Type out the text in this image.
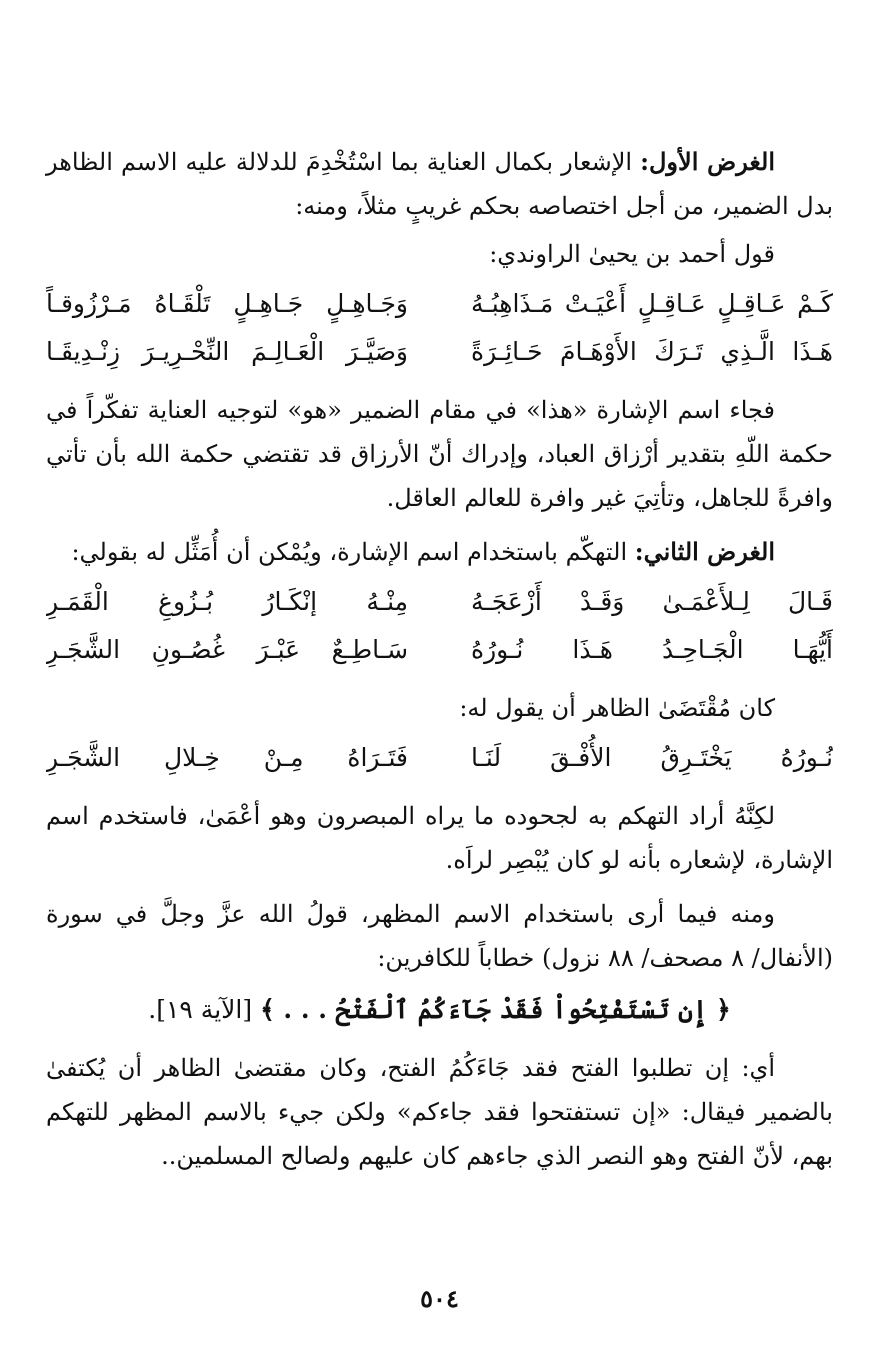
الغرض الأول: الإشعار بكمال العناية بما اسْتُخْدِمَ للدلالة عليه الاسم الظاهر بدل الضمير، من أجل اختصاصه بحكم غريبٍ مثلاً، ومنه:

قول أحمد بن يحيىٰ الراوندي:

كَـمْ عَـاقِـلٍ عَـاقِـلٍ أَعْيَـتْ مَـذَاهِبُـهُ
وَجَـاهِـلٍ جَـاهِـلٍ تَلْقَـاهُ مَـرْزُوقـاً
هَـذَا الَّـذِي تَـرَكَ الأَوْهَـامَ حَـائِـرَةً
وَصَيَّـرَ الْعَـالِـمَ النِّحْـرِيـرَ زِنْـدِيقَـا

فجاء اسم الإشارة «هذا» في مقام الضمير «هو» لتوجيه العناية تفكّراً في حكمة اللّهِ بتقدير أرْزاق العباد، وإدراك أنّ الأرزاق قد تقتضي حكمة الله بأن تأتي وافرةً للجاهل، وتأتِيَ غير وافرة للعالم العاقل.

الغرض الثاني: التهكّم باستخدام اسم الإشارة، ويُمْكن أن أُمَثِّل له بقولي:

قَـالَ لِـلأَعْمَـىٰ وَقَـدْ أَزْعَجَـهُ
مِنْـهُ إنْكَـارُ بُـزُوغِ الْقَمَـرِ
أَيُّهَـا الْجَـاحِـدُ هَـذَا نُـورُهُ
سَـاطِـعٌ عَبْـرَ غُصُـونِ الشَّجَـرِ

كان مُقْتَضَىٰ الظاهر أن يقول له:

نُـورُهُ يَخْتَـرِقُ الأُفْـقَ لَنَـا
فَتَـرَاهُ مِـنْ خِـلالِ الشَّجَـرِ

لكِنَّهُ أراد التهكم به لجحوده ما يراه المبصرون وهو أعْمَىٰ، فاستخدم اسم الإشارة، لإشعاره بأنه لو كان يُبْصِر لراَه.

ومنه فيما أرى باستخدام الاسم المظهر، قولُ الله عزَّ وجلَّ في سورة (الأنفال/ ٨ مصحف/ ٨٨ نزول) خطاباً للكافرين:

﴿ إِن تَسْتَفْتِحُواْ فَقَدْ جَآءَكُمُ ٱلْفَتْحُ . . . ﴾ [الآية ١٩].

أي: إن تطلبوا الفتح فقد جَاءَكُمُ الفتح، وكان مقتضىٰ الظاهر أن يُكتفىٰ بالضمير فيقال: «إن تستفتحوا فقد جاءكم» ولكن جيء بالاسم المظهر للتهكم بهم، لأنّ الفتح وهو النصر الذي جاءهم كان عليهم ولصالح المسلمين..

٥٠٤
